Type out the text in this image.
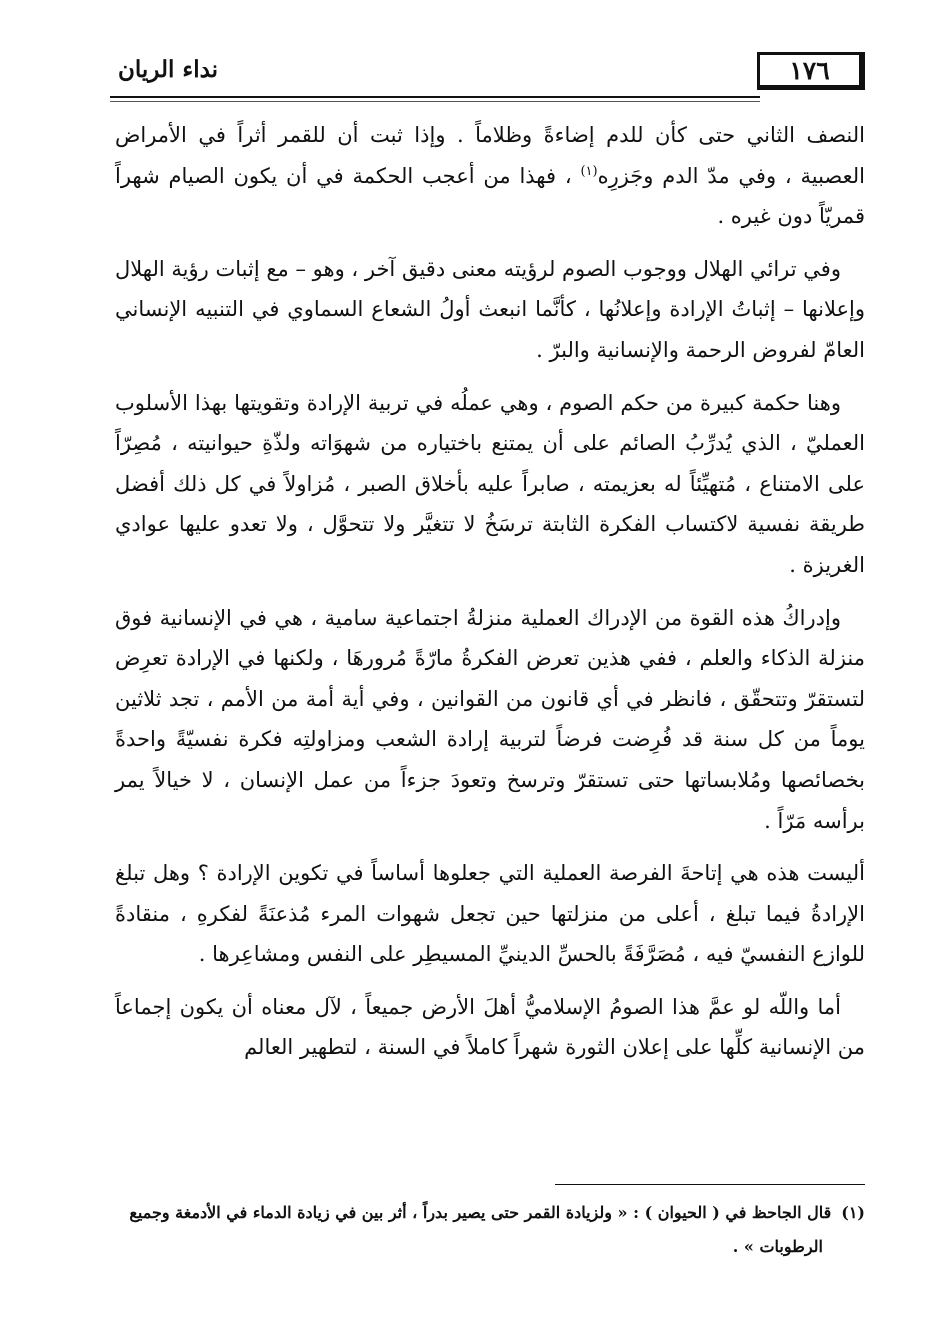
١٧٦
نداء الريان

النصف الثاني حتى كأن للدم إضاءةً وظلاماً . وإذا ثبت أن للقمر أثراً في الأمراض العصبية ، وفي مدّ الدم وجَزرِه$^{(١)}$ ، فهذا من أعجب الحكمة في أن يكون الصيام شهراً قمريّاً دون غيره .

وفي ترائي الهلال ووجوب الصوم لرؤيته معنى دقيق آخر ، وهو – مع إثبات رؤية الهلال وإعلانها – إثباتُ الإرادة وإعلانُها ، كأنَّما انبعث أولُ الشعاع السماوي في التنبيه الإنساني العامّ لفروض الرحمة والإنسانية والبرّ .

وهنا حكمة كبيرة من حكم الصوم ، وهي عملُه في تربية الإرادة وتقويتها بهذا الأسلوب العمليّ ، الذي يُدرِّبُ الصائم على أن يمتنع باختياره من شهوَاته ولذّةِ حيوانيته ، مُصِرّاً على الامتناع ، مُتهيِّئاً له بعزيمته ، صابراً عليه بأخلاق الصبر ، مُزاولاً في كل ذلك أفضل طريقة نفسية لاكتساب الفكرة الثابتة ترسَخُ لا تتغيَّر ولا تتحوَّل ، ولا تعدو عليها عوادي الغريزة .

وإدراكُ هذه القوة من الإدراك العملية منزلةُ اجتماعية سامية ، هي في الإنسانية فوق منزلة الذكاء والعلم ، ففي هذين تعرض الفكرةُ مارّةً مُرورهَا ، ولكنها في الإرادة تعرِض لتستقرّ وتتحقّق ، فانظر في أي قانون من القوانين ، وفي أية أمة من الأمم ، تجد ثلاثين يوماً من كل سنة قد فُرِضت فرضاً لتربية إرادة الشعب ومزاولتِه فكرة نفسيّةً واحدةً بخصائصها ومُلابساتها حتى تستقرّ وترسخ وتعودَ جزءاً من عمل الإنسان ، لا خيالاً يمر برأسه مَرّاً .

أليست هذه هي إتاحةَ الفرصة العملية التي جعلوها أساساً في تكوين الإرادة ؟ وهل تبلغ الإرادةُ فيما تبلغ ، أعلى من منزلتها حين تجعل شهوات المرء مُذعنَةً لفكرهِ ، منقادةً للوازع النفسيّ فيه ، مُصَرَّفَةً بالحسِّ الدينيِّ المسيطِر على النفس ومشاعِرها .

أما واللّه لو عمَّ هذا الصومُ الإسلاميُّ أهلَ الأرض جميعاً ، لآل معناه أن يكون إجماعاً من الإنسانية كلِّها على إعلان الثورة شهراً كاملاً في السنة ، لتطهير العالم

(١)قال الجاحظ في ( الحيوان ) : « ولزيادة القمر حتى يصير بدراً ، أثر بين في زيادة الدماء في الأدمغة وجميع
الرطوبات » .
